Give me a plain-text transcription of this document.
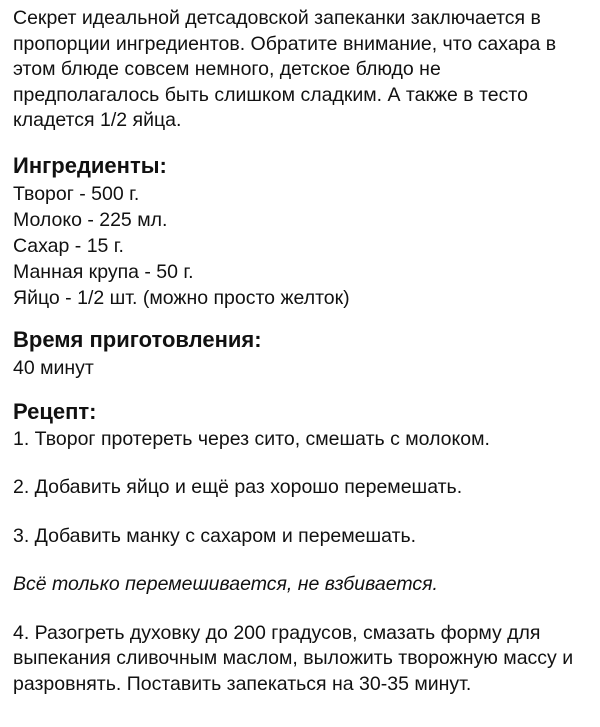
Секрет идеальной детсадовской запеканки заключается в пропорции ингредиентов. Обратите внимание, что сахара в этом блюде совсем немного, детское блюдо не предполагалось быть слишком сладким. А также в тесто кладется 1/2 яйца.

Ингредиенты:
Творог - 500 г.
Молоко - 225 мл.
Сахар - 15 г.
Манная крупа - 50 г.
Яйцо - 1/2 шт. (можно просто желток)
Время приготовления:

40 минут

Рецепт:

1. Творог протереть через сито, смешать с молоком.

2. Добавить яйцо и ещё раз хорошо перемешать.

3. Добавить манку с сахаром и перемешать.

Всё только перемешивается, не взбивается.

4. Разогреть духовку до 200 градусов, смазать форму для выпекания сливочным маслом, выложить творожную массу и разровнять. Поставить запекаться на 30-35 минут.
